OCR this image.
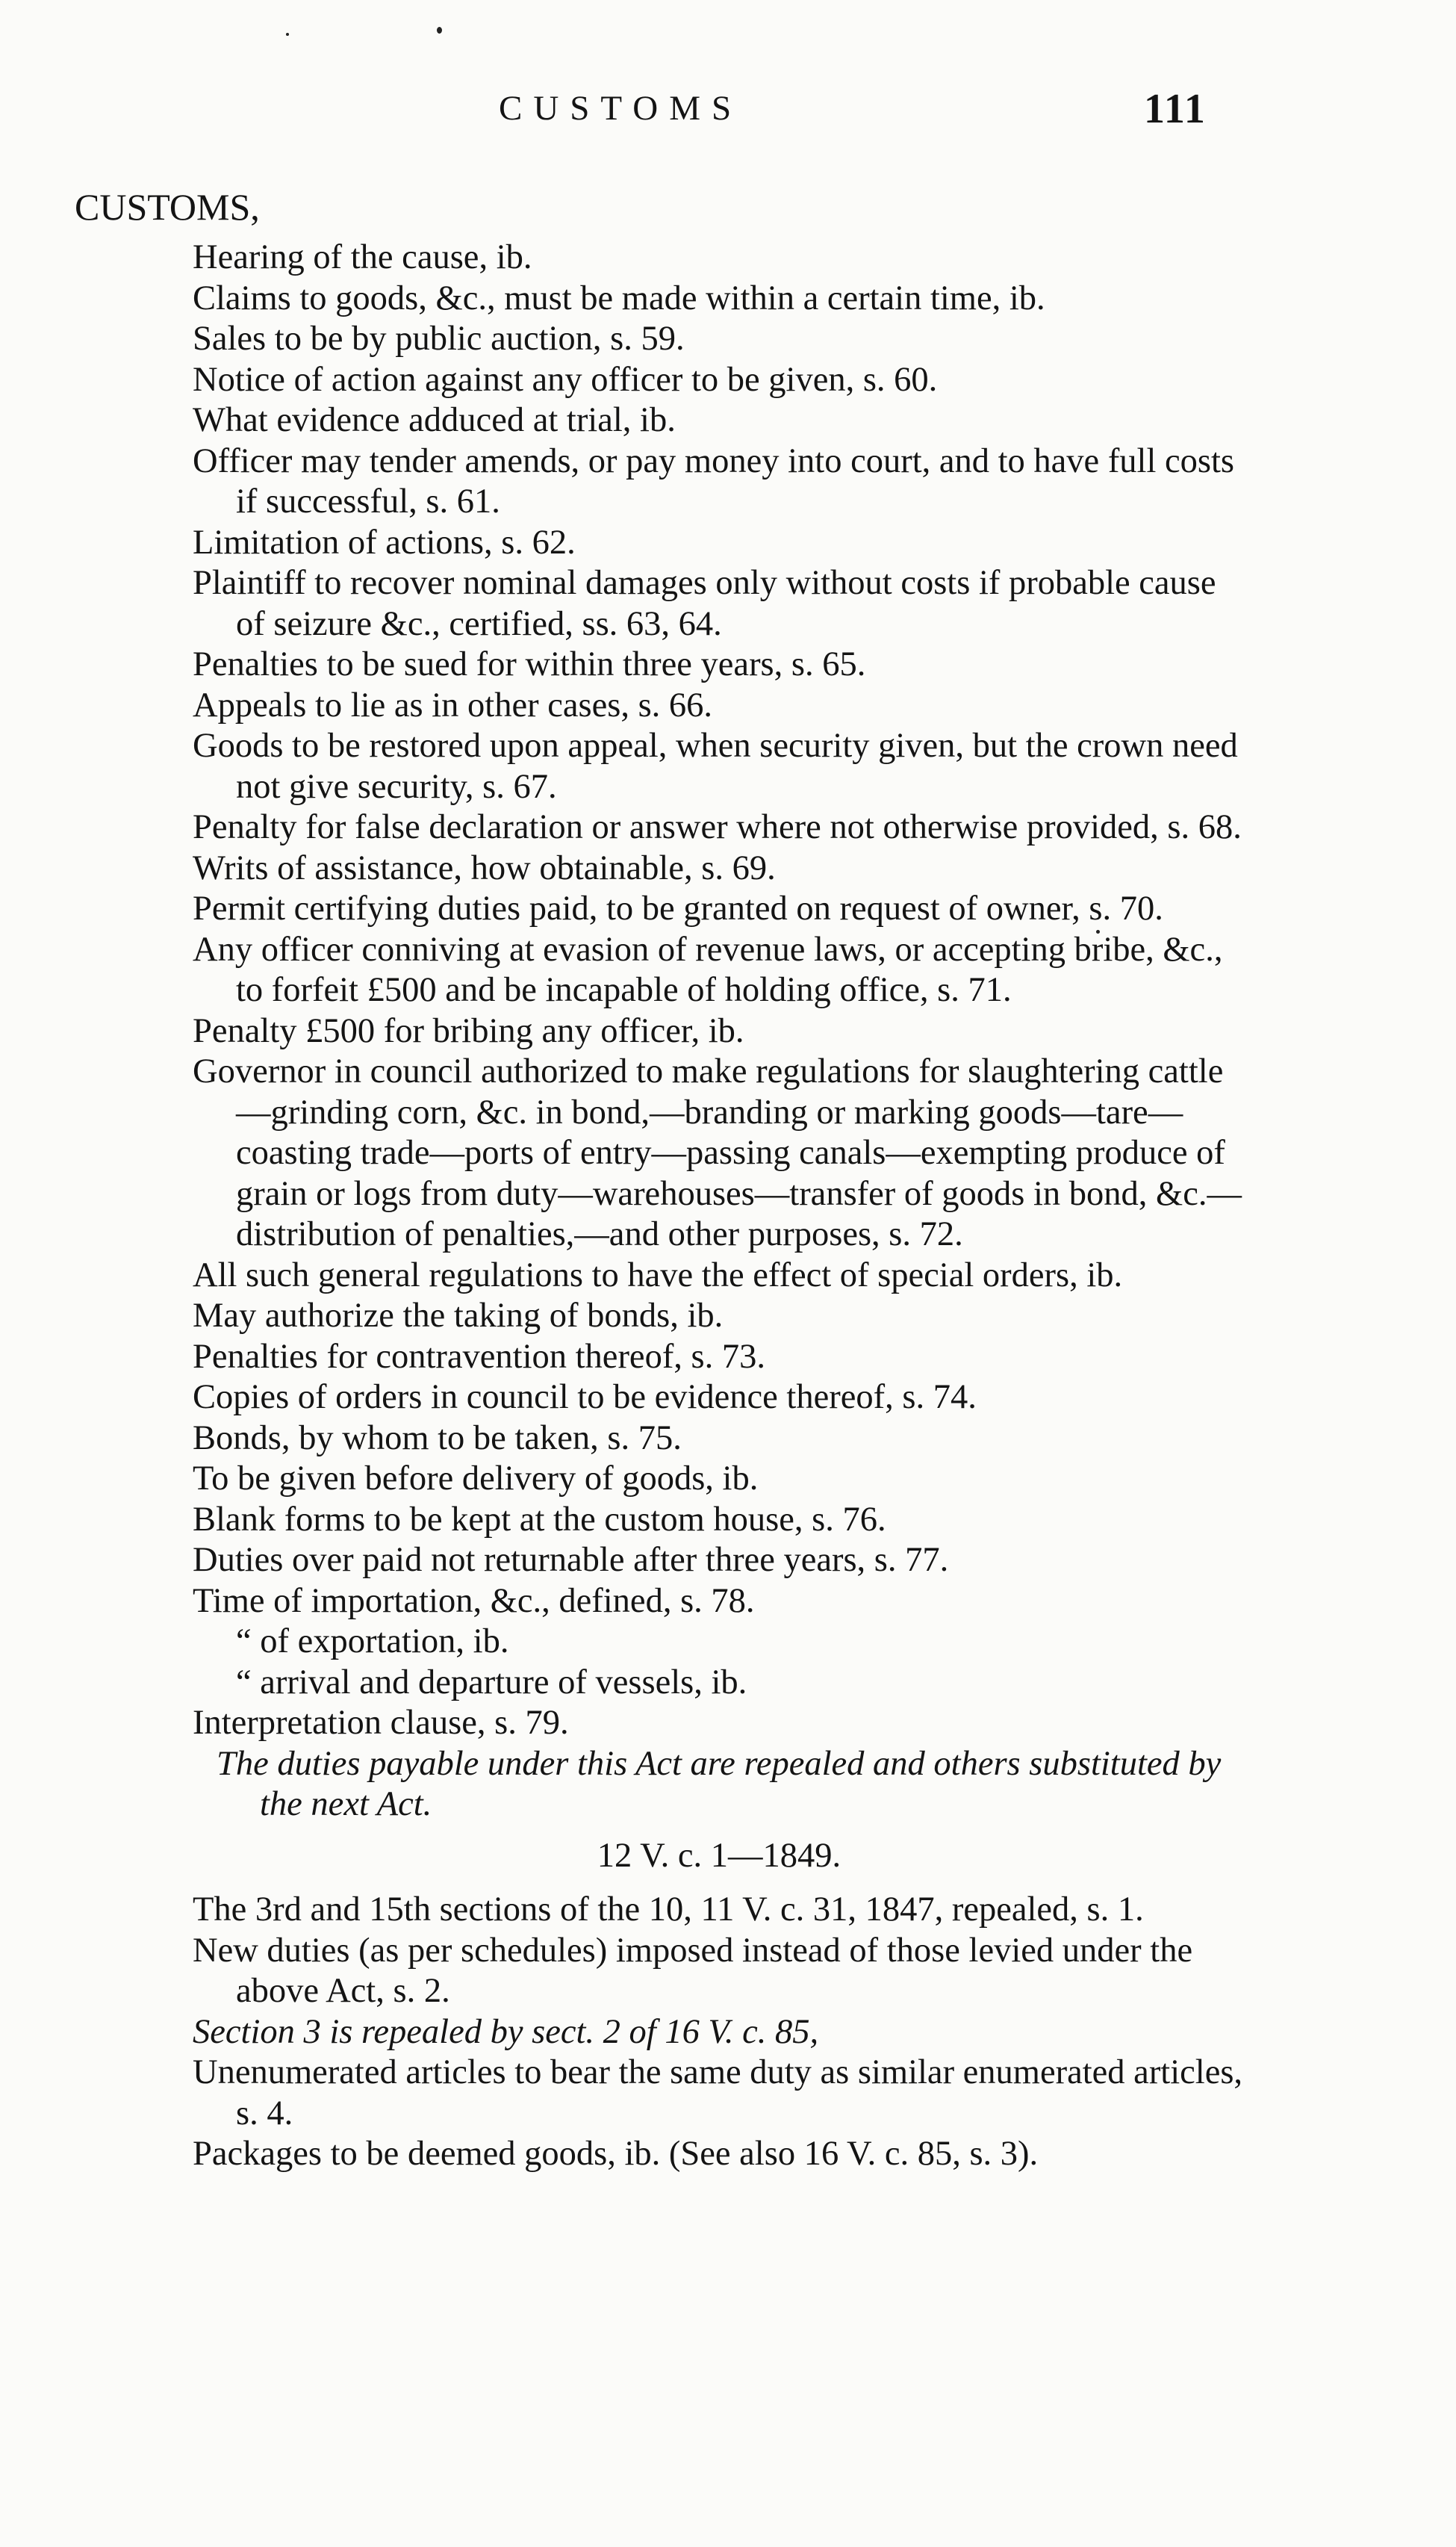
CUSTOMS	111
CUSTOMS,
Hearing of the cause, ib.
Claims to goods, &c., must be made within a certain time, ib.
Sales to be by public auction, s. 59.
Notice of action against any officer to be given, s. 60.
What evidence adduced at trial, ib.
Officer may tender amends, or pay money into court, and to have full costs if successful, s. 61.
Limitation of actions, s. 62.
Plaintiff to recover nominal damages only without costs if probable cause of seizure &c., certified, ss. 63, 64.
Penalties to be sued for within three years, s. 65.
Appeals to lie as in other cases, s. 66.
Goods to be restored upon appeal, when security given, but the crown need not give security, s. 67.
Penalty for false declaration or answer where not otherwise provided, s. 68.
Writs of assistance, how obtainable, s. 69.
Permit certifying duties paid, to be granted on request of owner, s. 70.
Any officer conniving at evasion of revenue laws, or accepting bribe, &c., to forfeit £500 and be incapable of holding office, s. 71.
Penalty £500 for bribing any officer, ib.
Governor in council authorized to make regulations for slaughtering cattle—grinding corn, &c. in bond,—branding or marking goods—tare—coasting trade—ports of entry—passing canals—exempting produce of grain or logs from duty—warehouses—transfer of goods in bond, &c.—distribution of penalties,—and other purposes, s. 72.
All such general regulations to have the effect of special orders, ib.
May authorize the taking of bonds, ib.
Penalties for contravention thereof, s. 73.
Copies of orders in council to be evidence thereof, s. 74.
Bonds, by whom to be taken, s. 75.
To be given before delivery of goods, ib.
Blank forms to be kept at the custom house, s. 76.
Duties over paid not returnable after three years, s. 77.
Time of importation, &c., defined, s. 78.
“ of exportation, ib.
“ arrival and departure of vessels, ib.
Interpretation clause, s. 79.
The duties payable under this Act are repealed and others substituted by the next Act.
12 V. c. 1—1849.
The 3rd and 15th sections of the 10, 11 V. c. 31, 1847, repealed, s. 1.
New duties (as per schedules) imposed instead of those levied under the above Act, s. 2.
Section 3 is repealed by sect. 2 of 16 V. c. 85,
Unenumerated articles to bear the same duty as similar enumerated articles, s. 4.
Packages to be deemed goods, ib. (See also 16 V. c. 85, s. 3).
